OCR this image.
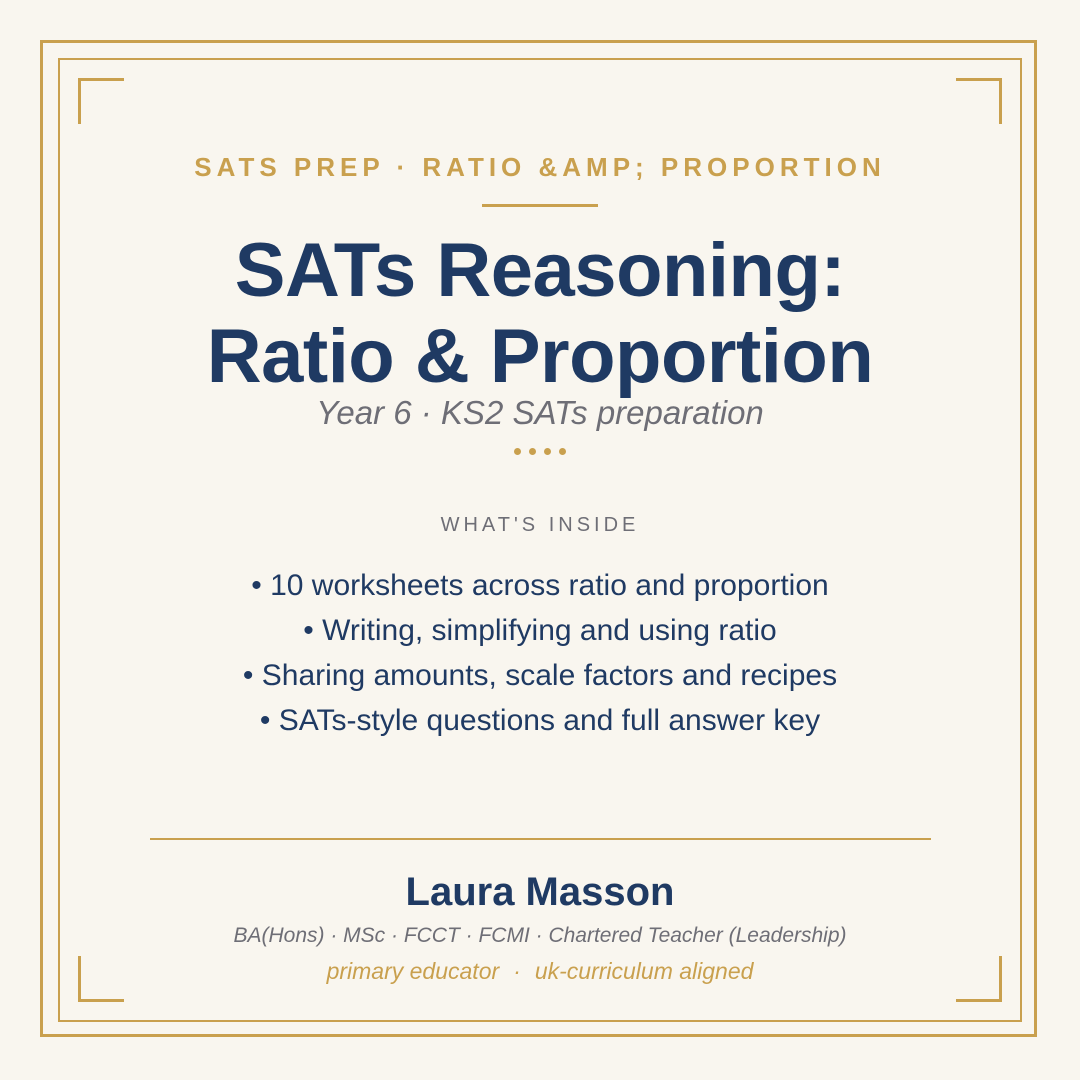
SATS PREP · RATIO &AMP; PROPORTION
SATs Reasoning:
Ratio & Proportion
Year 6 · KS2 SATs preparation
WHAT'S INSIDE
• 10 worksheets across ratio and proportion
• Writing, simplifying and using ratio
• Sharing amounts, scale factors and recipes
• SATs-style questions and full answer key
Laura Masson
BA(Hons) · MSc · FCCT · FCMI · Chartered Teacher (Leadership)
primary educator · uk-curriculum aligned
